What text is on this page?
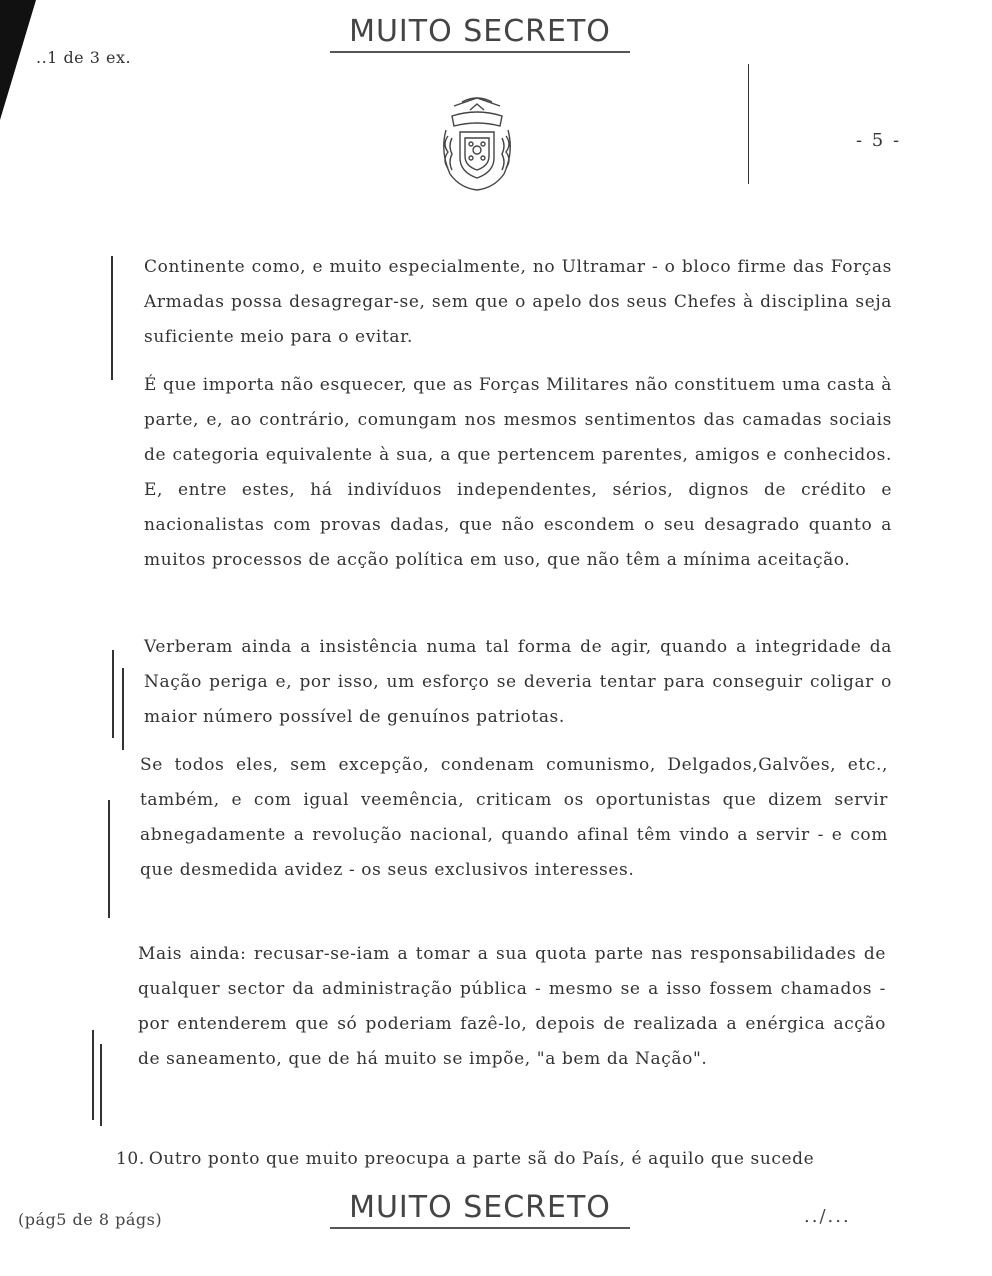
..1 de 3 ex.
MUITO SECRETO
- 5 -

Continente como, e muito especialmente, no Ultramar - o bloco firme das Forças Armadas possa desagregar-se, sem que o apelo dos seus Chefes à disciplina seja suficiente meio para o evitar.

É que importa não esquecer, que as Forças Militares não constituem uma casta à parte, e, ao contrário, comungam nos mesmos sentimentos das camadas sociais de categoria equivalente à sua, a que pertencem parentes, amigos e conhecidos. E, entre estes, há indivíduos independentes, sérios, dignos de crédito e nacionalistas com provas dadas, que não escondem o seu desagrado quanto a muitos processos de acção política em uso, que não têm a mínima aceitação.

Verberam ainda a insistência numa tal forma de agir, quando a integridade da Nação periga e, por isso, um esforço se deveria tentar para conseguir coligar o maior número possível de genuínos patriotas.

Se todos eles, sem excepção, condenam comunismo, Delgados,Galvões, etc., também, e com igual veemência, criticam os oportunistas que dizem servir abnegadamente a revolução nacional, quando afinal têm vindo a servir - e com que desmedida avidez - os seus exclusivos interesses.

Mais ainda: recusar-se-iam a tomar a sua quota parte nas responsabilidades de qualquer sector da administração pública - mesmo se a isso fossem chamados - por entenderem que só poderiam fazê-lo, depois de realizada a enérgica acção de saneamento, que de há muito se impõe, "a bem da Nação".

10. Outro ponto que muito preocupa a parte sã do País, é aquilo que sucede
(pág5 de 8 págs)	MUITO SECRETO	../...
